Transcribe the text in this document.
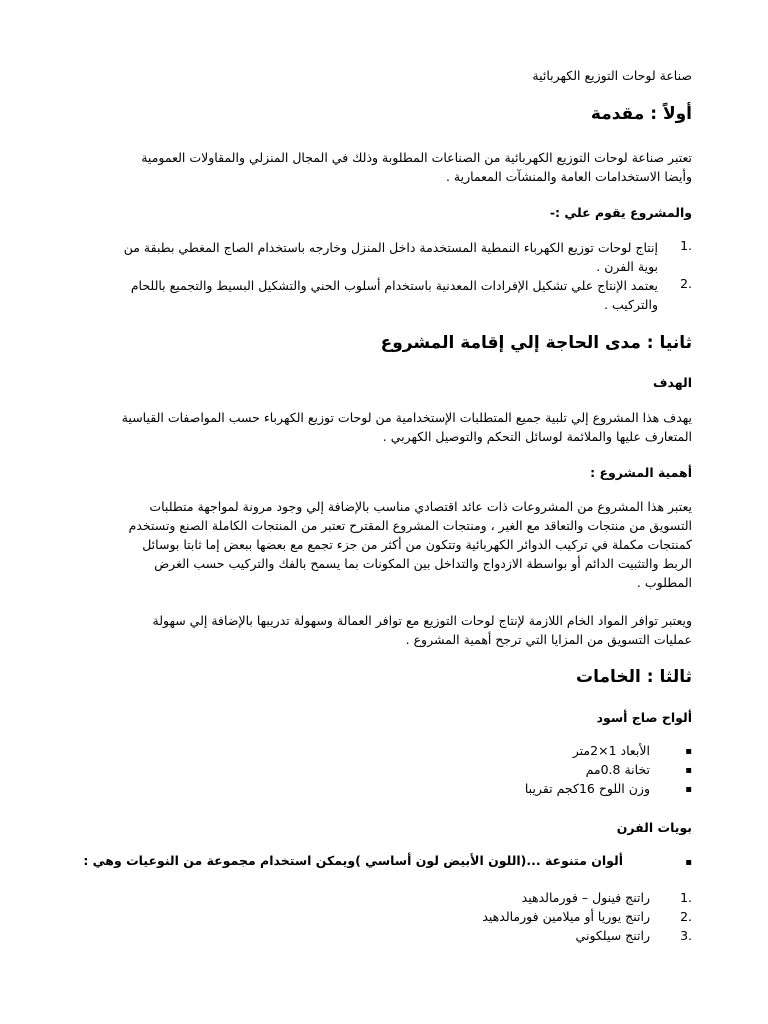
صناعة لوحات التوزيع الكهربائية
أولاً : مقدمة
تعتبر صناعة لوحات التوزيع الكهربائية من الصناعات المطلوبة وذلك في المجال المنزلي والمقاولات العمومية
وأيضا الاستخدامات العامة والمنشآت المعمارية .
والمشروع يقوم علي :-
.1
إنتاج لوحات توزيع الكهرباء النمطية المستخدمة داخل المنزل وخارجه باستخدام الصاج المغطي بطبقة من
بوية الفرن .
.2
يعتمد الإنتاج علي تشكيل الإفرادات المعدنية باستخدام أسلوب الحني والتشكيل البسيط والتجميع باللحام
والتركيب .
ثانيا : مدى الحاجة إلي إقامة المشروع
الهدف
يهدف هذا المشروع إلي تلبية جميع المتطلبات الإستخدامية من لوحات توزيع الكهرباء حسب المواصفات القياسية
المتعارف عليها والملائمة لوسائل التحكم والتوصيل الكهربي .
أهمية المشروع :
يعتبر هذا المشروع من المشروعات ذات عائد اقتصادي مناسب بالإضافة إلي وجود مرونة لمواجهة متطلبات
التسويق من منتجات والتعاقد مع الغير ، ومنتجات المشروع المقترح تعتبر من المنتجات الكاملة الصنع وتستخدم
كمنتجات مكملة في تركيب الدوائر الكهربائية وتتكون من أكثر من جزء تجمع مع بعضها ببعض إما ثابتا بوسائل
الربط والتثبيت الدائم أو بواسطة الازدواج والتداخل بين المكونات بما يسمح بالفك والتركيب حسب الغرض
المطلوب .
ويعتبر توافر المواد الخام اللازمة لإنتاج لوحات التوزيع مع توافر العمالة وسهولة تدريبها بالإضافة إلي سهولة
عمليات التسويق من المزايا التي ترجح أهمية المشروع .
ثالثا : الخامات
ألواح صاج أسود
▪
الأبعاد 1×2متر
▪
تخانة 0.8مم
▪
وزن اللوح 16كجم تقريبا
بويات الفرن
▪
ألوان متنوعة ...(اللون الأبيض لون أساسي )ويمكن استخدام مجموعة من النوعيات وهي :
.1
راتنج فينول – فورمالدهيد
.2
راتنج يوريا أو ميلامين فورمالدهيد
.3
راتنج سيلكوني
